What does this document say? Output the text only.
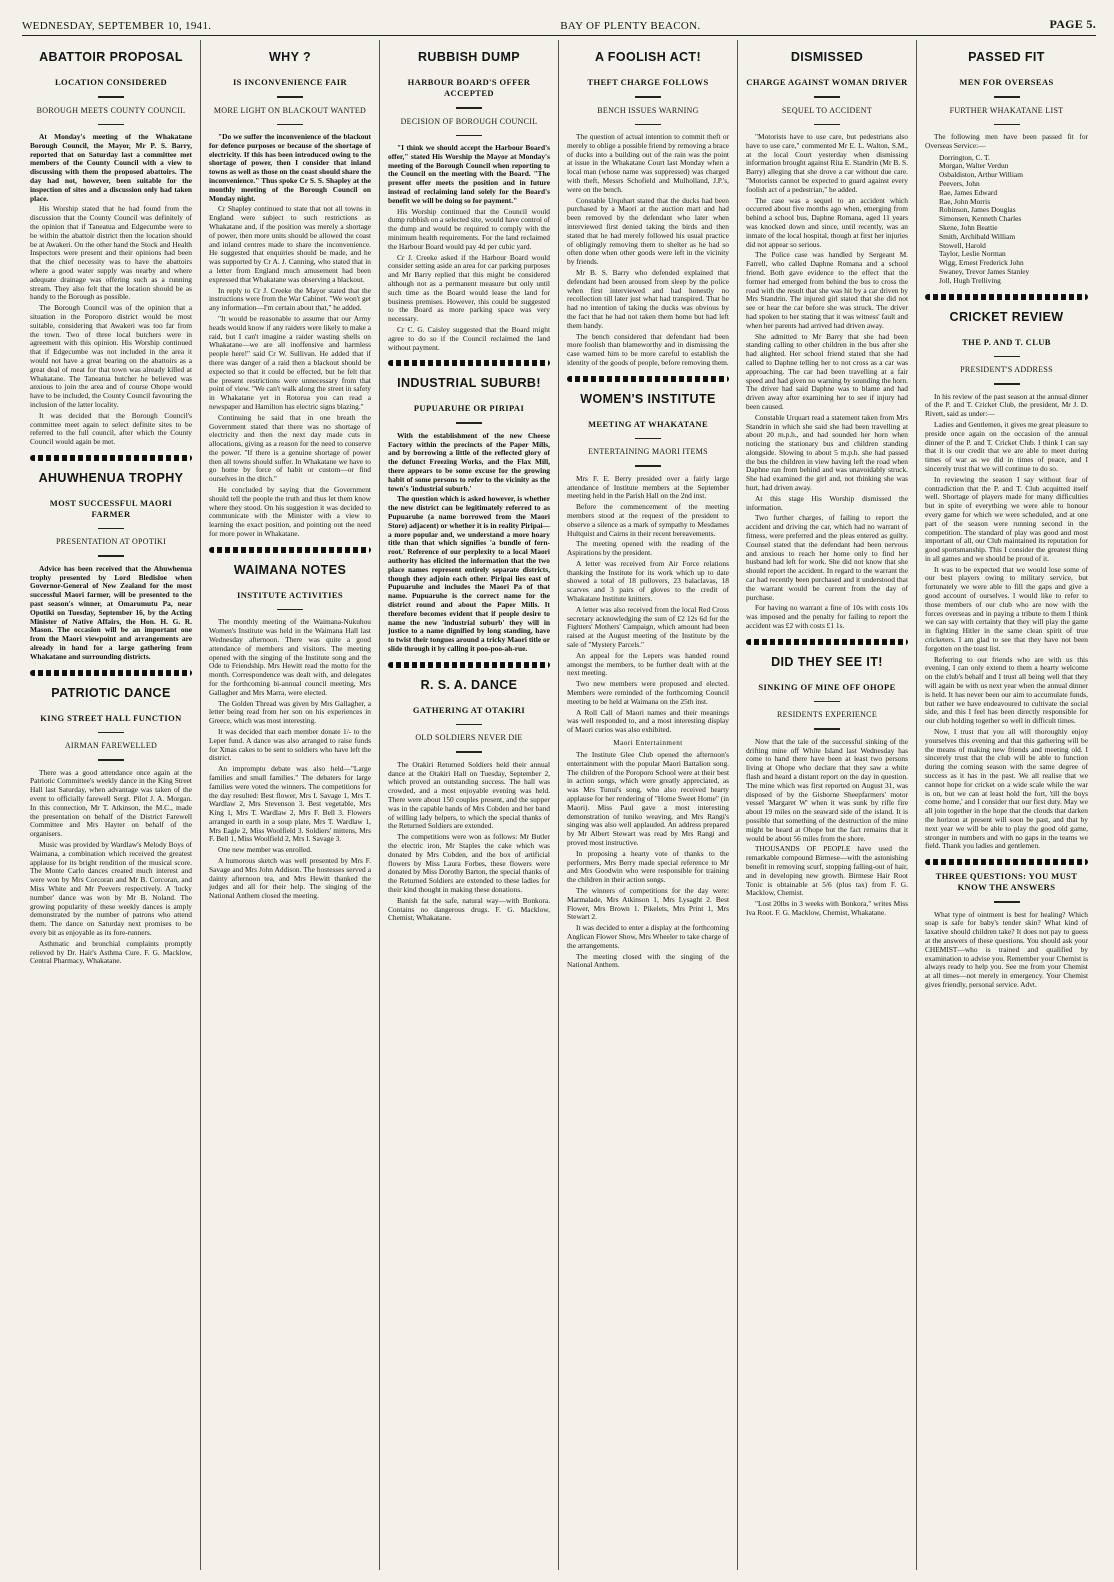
WEDNESDAY, SEPTEMBER 10, 1941.	BAY OF PLENTY BEACON.	PAGE 5.
ABATTOIR PROPOSAL
LOCATION CONSIDERED
BOROUGH MEETS COUNTY COUNCIL

At Monday's meeting of the Whakatane Borough Council, the Mayor, Mr P. S. Barry, reported that on Saturday last a committee met members of the County Council with a view to discussing with them the proposed abattoirs. The day had not, however, been suitable for the inspection of sites and a discussion only had taken place.

His Worship stated that he had found from the discussion that the County Council was definitely of the opinion that if Taneatua and Edgecumbe were to be within the abattoir district then the location should be at Awakeri. On the other hand the Stock and Health Inspectors were present and their opinions had been that the chief necessity was to have the abattoirs where a good water supply was nearby and where adequate drainage was offering such as a running stream. They also felt that the location should be as handy to the Borough as possible.

The Borough Council was of the opinion that a situation in the Poroporo district would be most suitable, considering that Awakeri was too far from the town. Two of three local butchers were in agreement with this opinion. His Worship continued that if Edgecumbe was not included in the area it would not have a great bearing on the abattoirs as a great deal of meat for that town was already killed at Whakatane. The Taneatua butcher he believed was anxious to join the area and of course Ohope would have to be included, the County Council favouring the inclusion of the latter locality.

It was decided that the Borough Council's committee meet again to select definite sites to be referred to the full council, after which the County Council would again be met.

AHUWHENUA TROPHY
MOST SUCCESSFUL MAORI FARMER
PRESENTATION AT OPOTIKI

Advice has been received that the Ahuwhenua trophy presented by Lord Bledisloe when Governor-General of New Zealand for the most successful Maori farmer, will be presented to the past season's winner, at Omarumutu Pa, near Opotiki on Tuesday, September 16, by the Acting Minister of Native Affairs, the Hon. H. G. R. Mason. The occasion will be an important one from the Maori viewpoint and arrangements are already in hand for a large gathering from Whakatane and surrounding districts.

PATRIOTIC DANCE
KING STREET HALL FUNCTION
AIRMAN FAREWELLED

There was a good attendance once again at the Patriotic Committee's weekly dance in the King Street Hall last Saturday, when advantage was taken of the event to officially farewell Sergt. Pilot J. A. Morgan. In this connection, Mr T. Atkinson, the M.C., made the presentation on behalf of the District Farewell Committee and Mrs Hayter on behalf of the organisers.

Music was provided by Wardlaw's Melody Boys of Waimana, a combination which received the greatest applause for its bright rendition of the musical score. The Monte Carlo dances created much interest and were won by Mrs Corcoran and Mr B. Corcoran, and Miss White and Mr Peevers respectively. A 'lucky number' dance was won by Mr B. Noland. The growing popularity of these weekly dances is amply demonstrated by the number of patrons who attend them. The dance on Saturday next promises to be every bit as enjoyable as its fore-runners.

Asthmatic and bronchial complaints promptly relieved by Dr. Hair's Asthma Cure. F. G. Macklow, Central Pharmacy, Whakatane.

WHY ?
IS INCONVENIENCE FAIR
MORE LIGHT ON BLACKOUT WANTED

"Do we suffer the inconvenience of the blackout for defence purposes or because of the shortage of electricity. If this has been introduced owing to the shortage of power, then I consider that inland towns as well as those on the coast should share the inconvenience." Thus spoke Cr S. S. Shapley at the monthly meeting of the Borough Council on Monday night.

Cr Shapley continued to state that not all towns in England were subject to such restrictions as Whakatane and, if the position was merely a shortage of power, then more units should be allowed the coast and inland centres made to share the inconvenience. He suggested that enquiries should be made, and he was supported by Cr A. J. Canning, who stated that in a letter from England much amusement had been expressed that Whakatane was observing a blackout.

In reply to Cr J. Creeke the Mayor stated that the instructions were from the War Cabinet. "We won't get any information—I'm certain about that," he added.

"It would be reasonable to assume that our Army heads would know if any raiders were likely to make a raid, but I can't imagine a raider wasting shells on Whakatane—we are all inoffensive and harmless people here!" said Cr W. Sullivan. He added that if there was danger of a raid then a blackout should be expected so that it could be effected, but he felt that the present restrictions were unnecessary from that point of view. "We can't walk along the street in safety in Whakatane yet in Rotorua you can read a newspaper and Hamilton has electric signs blazing."

Continuing he said that in one breath the Government stated that there was no shortage of electricity and then the next day made cuts in allocations, giving as a reason for the need to conserve the power. "If there is a genuine shortage of power then all towns should suffer. In Whakatane we have to go home by force of habit or custom—or find ourselves in the ditch."

He concluded by saying that the Government should tell the people the truth and thus let them know where they stood. On his suggestion it was decided to communicate with the Minister with a view to learning the exact position, and pointing out the need for more power in Whakatane.

WAIMANA NOTES
INSTITUTE ACTIVITIES

The monthly meeting of the Waimana-Nukuhou Women's Institute was held in the Waimana Hall last Wednesday afternoon. There was quite a good attendance of members and visitors. The meeting opened with the singing of the Institute song and the Ode to Friendship. Mrs Hewitt read the motto for the month. Correspondence was dealt with, and delegates for the forthcoming bi-annual council meeting, Mrs Gallagher and Mrs Marra, were elected.

The Golden Thread was given by Mrs Gallagher, a letter being read from her son on his experiences in Greece, which was most interesting.

It was decided that each member donate 1/- to the Leper fund. A dance was also arranged to raise funds for Xmas cakes to be sent to soldiers who have left the district.

An impromptu debate was also held—"Large families and small families." The debaters for large families were voted the winners. The competitions for the day resulted: Best flower, Mrs I. Savage 1, Mrs T. Wardlaw 2, Mrs Stevenson 3. Best vegetable, Mrs King 1, Mrs T. Wardlaw 2, Mrs F. Bell 3. Flowers arranged in earth in a soup plate, Mrs T. Wardlaw 1, Mrs Eagle 2, Miss Woolfield 3. Soldiers' mittens, Mrs F. Bell 1, Miss Woolfield 2, Mrs I. Savage 3.

One new member was enrolled.

A humorous sketch was well presented by Mrs F. Savage and Mrs John Addison. The hostesses served a dainty afternoon tea, and Mrs Hewitt thanked the judges and all for their help. The singing of the National Anthem closed the meeting.

RUBBISH DUMP
HARBOUR BOARD'S OFFER ACCEPTED
DECISION OF BOROUGH COUNCIL

"I think we should accept the Harbour Board's offer," stated His Worship the Mayor at Monday's meeting of the Borough Council when reporting to the Council on the meeting with the Board. "The present offer meets the position and in future instead of reclaiming land solely for the Board's benefit we will be doing so for payment."

His Worship continued that the Council would dump rubbish on a selected site, would have control of the dump and would be required to comply with the minimum health requirements. For the land reclaimed the Harbour Board would pay 4d per cubic yard.

Cr J. Creeke asked if the Harbour Board would consider setting aside an area for car parking purposes and Mr Barry replied that this might be considered although not as a permanent measure but only until such time as the Board would lease the land for business premises. However, this could be suggested to the Board as more parking space was very necessary.

Cr C. G. Caisley suggested that the Board might agree to do so if the Council reclaimed the land without payment.

INDUSTRIAL SUBURB!
PUPUARUHE OR PIRIPAI

With the establishment of the new Cheese Factory within the precincts of the Paper Mills, and by borrowing a little of the reflected glory of the defunct Freezing Works, and the Flax Mill, there appears to be some excuse for the growing habit of some persons to refer to the vicinity as the town's 'industrial suburb.'

The question which is asked however, is whether the new district can be legitimately referred to as Pupuaruhe (a name borrowed from the Maori Store) adjacent) or whether it is in reality Piripai—a more popular and, we understand a more hoary title than that which signifies 'a bundle of fern-root.' Reference of our perplexity to a local Maori authority has elicited the information that the two place names represent entirely separate districts, though they adjoin each other. Piripai lies east of Pupuaruhe and includes the Maori Pa of that name. Pupuaruhe is the correct name for the district round and about the Paper Mills. It therefore becomes evident that if people desire to name the new 'industrial suburb' they will in justice to a name dignified by long standing, have to twist their tongues around a tricky Maori title or slide through it by calling it poo-poo-ah-rue.

R. S. A. DANCE
GATHERING AT OTAKIRI
OLD SOLDIERS NEVER DIE

The Otakiri Returned Soldiers held their annual dance at the Otakiri Hall on Tuesday, September 2, which proved an outstanding success. The hall was crowded, and a most enjoyable evening was held. There were about 150 couples present, and the supper was in the capable hands of Mrs Cobden and her band of willing lady helpers, to which the special thanks of the Returned Soldiers are extended.

The competitions were won as follows: Mr Butler the electric iron, Mr Staples the cake which was donated by Mrs Cobden, and the box of artificial flowers by Miss Laura Forbes, these flowers were donated by Miss Dorothy Barton, the special thanks of the Returned Soldiers are extended to these ladies for their kind thought in making these donations.

Banish fat the safe, natural way—with Bonkora. Contains no dangerous drugs. F. G. Macklow, Chemist, Whakatane.

A FOOLISH ACT!
THEFT CHARGE FOLLOWS
BENCH ISSUES WARNING

The question of actual intention to commit theft or merely to oblige a possible friend by removing a brace of ducks into a building out of the rain was the point at issue in the Whakatane Court last Monday when a local man (whose name was suppressed) was charged with theft, Messrs Schofield and Mulholland, J.P.'s, were on the bench.

Constable Urquhart stated that the ducks had been purchased by a Maori at the auction mart and had been removed by the defendant who later when interviewed first denied taking the birds and then stated that he had merely followed his usual practice of obligingly removing them to shelter as he had so often done when other goods were left in the vicinity by friends.

Mr B. S. Barry who defended explained that defendant had been aroused from sleep by the police when first interviewed and had honestly no recollection till later just what had transpired. That he had no intention of taking the ducks was obvious by the fact that he had not taken them home but had left them handy.

The bench considered that defendant had been more foolish than blameworthy and in dismissing the case warned him to be more careful to establish the identity of the goods of people, before removing them.

WOMEN'S INSTITUTE
MEETING AT WHAKATANE
ENTERTAINING MAORI ITEMS

Mrs F. E. Berry presided over a fairly large attendance of Institute members at the September meeting held in the Parish Hall on the 2nd inst.

Before the commencement of the meeting members stood at the request of the president to observe a silence as a mark of sympathy to Mesdames Hultquist and Cairns in their recent bereavements.

The meeting opened with the reading of the Aspirations by the president.

A letter was received from Air Force relations thanking the Institute for its work which up to date showed a total of 18 pullovers, 23 balaclavas, 18 scarves and 3 pairs of gloves to the credit of Whakatane Institute knitters.

A letter was also received from the local Red Cross secretary acknowledging the sum of £2 12s 6d for the Fighters' Mothers' Campaign, which amount had been raised at the August meeting of the Institute by the sale of "Mystery Parcels."

An appeal for the Lepers was handed round amongst the members, to be further dealt with at the next meeting.

Two new members were proposed and elected. Members were reminded of the forthcoming Council meeting to be held at Waimana on the 25th inst.

A Roll Call of Maori names and their meanings was well responded to, and a most interesting display of Maori curios was also exhibited.

Maori Entertainment

The Institute Glee Club opened the afternoon's entertainment with the popular Maori Battalion song. The children of the Poroporo School were at their best in action songs, which were greatly appreciated, as was Mrs Tunui's song, who also received hearty applause for her rendering of "Home Sweet Home" (in Maori). Miss Paul gave a most interesting demonstration of tuniko weaving, and Mrs Rangi's singing was also well applauded. An address prepared by Mr Albert Stewart was read by Mrs Rangi and proved most instructive.

In proposing a hearty vote of thanks to the performers, Mrs Berry made special reference to Mr and Mrs Goodwin who were responsible for training the children in their action songs.

The winners of competitions for the day were: Marmalade, Mrs Atkinson 1, Mrs Lysaght 2. Best Flower, Mrs Brown 1. Pikelets, Mrs Print 1, Mrs Stewart 2.

It was decided to enter a display at the forthcoming Anglican Flower Show, Mrs Wheeler to take charge of the arrangements.

The meeting closed with the singing of the National Anthem.

DISMISSED
CHARGE AGAINST WOMAN DRIVER
SEQUEL TO ACCIDENT

"Motorists have to use care, but pedestrians also have to use care," commented Mr E. L. Walton, S.M., at the local Court yesterday when dismissing information brought against Rita E. Standrin (Mr B. S. Barry) alleging that she drove a car without due care. "Motorists cannot be expected to guard against every foolish act of a pedestrian," he added.

The case was a sequel to an accident which occurred about five months ago when, emerging from behind a school bus, Daphne Romana, aged 11 years was knocked down and since, until recently, was an inmate of the local hospital, though at first her injuries did not appear so serious.

The Police case was handled by Sergeant M. Farrell, who called Daphne Romana and a school friend. Both gave evidence to the effect that the former had emerged from behind the bus to cross the road with the result that she was hit by a car driven by Mrs Standrin. The injured girl stated that she did not see or hear the car before she was struck. The driver had spoken to her stating that it was witness' fault and when her parents had arrived had driven away.

She admitted to Mr Barry that she had been standing calling to other children in the bus after she had alighted. Her school friend stated that she had called to Daphne telling her to not cross as a car was approaching. The car had been travelling at a fair speed and had given no warning by sounding the horn. The driver had said Daphne was to blame and had driven away after examining her to see if injury had been caused.

Constable Urquart read a statement taken from Mrs Standrin in which she said she had been travelling at about 20 m.p.h., and had sounded her horn when noticing the stationary bus and children standing alongside. Slowing to about 5 m.p.h. she had passed the bus the children in view having left the road when Daphne ran from behind and was unavoidably struck. She had examined the girl and, not thinking she was hurt, had driven away.

At this stage His Worship dismissed the information.

Two further charges, of failing to report the accident and driving the car, which had no warrant of fitness, were preferred and the pleas entered as guilty. Counsel stated that the defendant had been nervous and anxious to reach her home only to find her husband had left for work. She did not know that she should report the accident. In regard to the warrant the car had recently been purchased and it understood that the warrant would be current from the day of purchase.

For having no warrant a fine of 10s with costs 10s was imposed and the penalty for failing to report the accident was £2 with costs £1 1s.

DID THEY SEE IT!
SINKING OF MINE OFF OHOPE
RESIDENTS EXPERIENCE

Now that the tale of the successful sinking of the drifting mine off White Island last Wednesday has come to hand there have been at least two persons living at Ohope who declare that they saw a white flash and heard a distant report on the day in question. The mine which was first reported on August 31, was disposed of by the Gisborne Sheepfarmers' motor vessel 'Margaret W' when it was sunk by rifle fire about 19 miles on the seaward side of the island. It is possible that something of the destruction of the mine might be heard at Ohope but the fact remains that it would be about 56 miles from the shore.

THOUSANDS OF PEOPLE have used the remarkable compound Birmese—with the astonishing benefit in removing scurf, stopping falling-out of hair, and in developing new growth. Birmese Hair Root Tonic is obtainable at 5/6 (plus tax) from F. G. Macklow, Chemist.

"Lost 20lbs in 3 weeks with Bonkora," writes Miss Iva Root. F. G. Macklow, Chemist, Whakatane.

PASSED FIT
MEN FOR OVERSEAS
FURTHER WHAKATANE LIST

The following men have been passed fit for Overseas Service:—

Dorrington, C. T.
Morgan, Walter Verdun
Osbaldiston, Arthur William
Peevers, John
Rae, James Edward
Rae, John Morris
Robinson, James Douglas
Simonsen, Kenneth Charles
Skene, John Beattie
Smith, Archibald William
Stowell, Harold
Taylor, Leslie Norman
Wigg, Ernest Frederick John
Swaney, Trevor James Stanley
Joll, Hugh Trelliving
CRICKET REVIEW
THE P. AND T. CLUB
PRESIDENT'S ADDRESS

In his review of the past season at the annual dinner of the P. and T. Cricket Club, the president, Mr J. D. Rivett, said as under:—

Ladies and Gentlemen, it gives me great pleasure to preside once again on the occasion of the annual dinner of the P. and T. Cricket Club. I think I can say that it is our credit that we are able to meet during times of war as we did in times of peace, and I sincerely trust that we will continue to do so.

In reviewing the season I say without fear of contradiction that the P. and T. Club acquitted itself well. Shortage of players made for many difficulties but in spite of everything we were able to honour every game for which we were scheduled, and at one part of the season were running second in the competition. The standard of play was good and most important of all, our Club maintained its reputation for good sportsmanship. This I consider the greatest thing in all games and we should be proud of it.

It was to be expected that we would lose some of our best players owing to military service, but fortunately we were able to fill the gaps and give a good account of ourselves. I would like to refer to those members of our club who are now with the forces overseas and in paying a tribute to them I think we can say with certainty that they will play the game in fighting Hitler in the same clean spirit of true cricketers. I am glad to see that they have not been forgotten on the toast list.

Referring to our friends who are with us this evening, I can only extend to them a hearty welcome on the club's behalf and I trust all being well that they will again be with us next year when the annual dinner is held. It has never been our aim to accumulate funds, but rather we have endeavoured to cultivate the social side, and this I feel has been directly responsible for our club holding together so well in difficult times.

Now, I trust that you all will thoroughly enjoy yourselves this evening and that this gathering will be the means of making new friends and meeting old. I sincerely trust that the club will be able to function during the coming season with the same degree of success as it has in the past. We all realise that we cannot hope for cricket on a wide scale while the war is on, but we can at least hold the fort, 'till the boys come home,' and I consider that our first duty. May we all join together in the hope that the clouds that darken the horizon at present will soon be past, and that by next year we will be able to play the good old game, stronger in numbers and with no gaps in the teams we field. Thank you ladies and gentlemen.

THREE QUESTIONS: YOU MUST KNOW THE ANSWERS

What type of ointment is best for healing? Which soap is safe for baby's tender skin? What kind of laxative should children take? It does not pay to guess at the answers of these questions. You should ask your CHEMIST—who is trained and qualified by examination to advise you. Remember your Chemist is always ready to help you. See me from your Chemist at all times—not merely in emergency. Your Chemist gives friendly, personal service. Advt.
